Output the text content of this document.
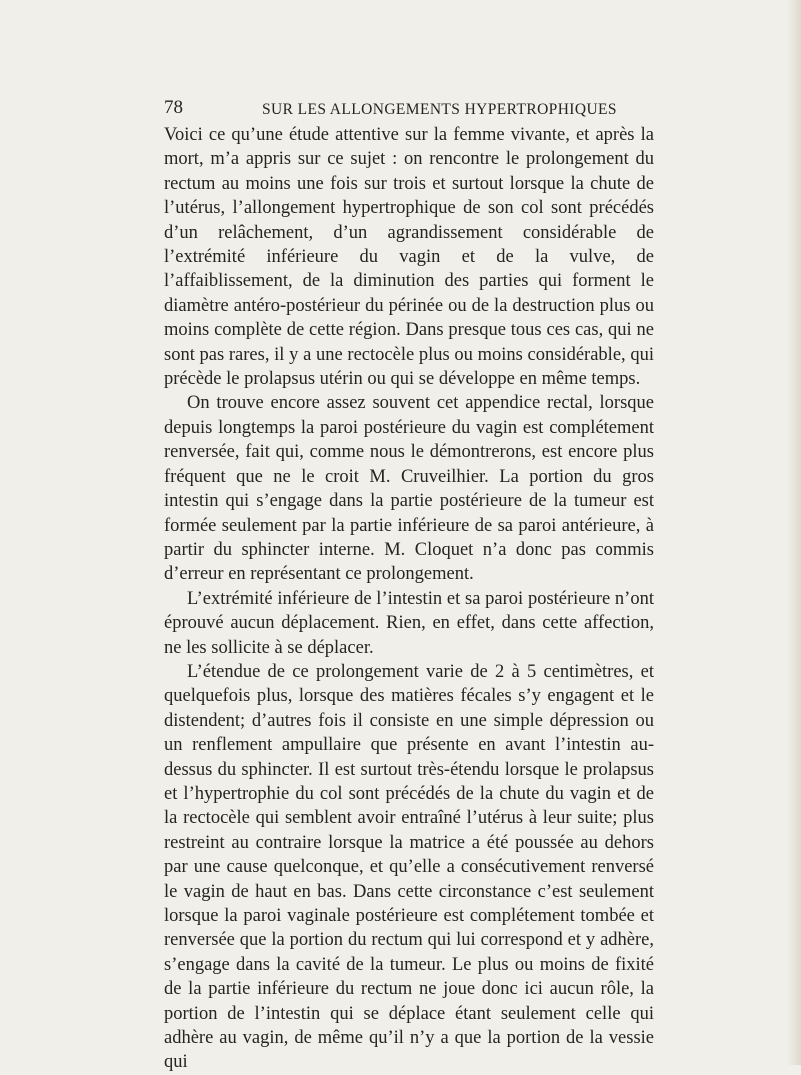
78	SUR LES ALLONGEMENTS HYPERTROPHIQUES

Voici ce qu’une étude attentive sur la femme vivante, et après la mort, m’a appris sur ce sujet : on rencontre le prolongement du rectum au moins une fois sur trois et surtout lorsque la chute de l’utérus, l’allongement hypertrophique de son col sont précédés d’un relâchement, d’un agrandissement considérable de l’extrémité inférieure du vagin et de la vulve, de l’affaiblissement, de la diminution des parties qui forment le diamètre antéro-postérieur du périnée ou de la destruction plus ou moins complète de cette région. Dans presque tous ces cas, qui ne sont pas rares, il y a une rectocèle plus ou moins considérable, qui précède le prolapsus utérin ou qui se développe en même temps.

On trouve encore assez souvent cet appendice rectal, lorsque depuis longtemps la paroi postérieure du vagin est complétement renversée, fait qui, comme nous le démontrerons, est encore plus fréquent que ne le croit M. Cruveilhier. La portion du gros intestin qui s’engage dans la partie postérieure de la tumeur est formée seulement par la partie inférieure de sa paroi antérieure, à partir du sphincter interne. M. Cloquet n’a donc pas commis d’erreur en représentant ce prolongement.

L’extrémité inférieure de l’intestin et sa paroi postérieure n’ont éprouvé aucun déplacement. Rien, en effet, dans cette affection, ne les sollicite à se déplacer.

L’étendue de ce prolongement varie de 2 à 5 centimètres, et quelquefois plus, lorsque des matières fécales s’y engagent et le distendent; d’autres fois il consiste en une simple dépression ou un renflement ampullaire que présente en avant l’intestin au-dessus du sphincter. Il est surtout très-étendu lorsque le prolapsus et l’hypertrophie du col sont précédés de la chute du vagin et de la rectocèle qui semblent avoir entraîné l’utérus à leur suite; plus restreint au contraire lorsque la matrice a été poussée au dehors par une cause quelconque, et qu’elle a consécutivement renversé le vagin de haut en bas. Dans cette circonstance c’est seulement lorsque la paroi vaginale postérieure est complétement tombée et renversée que la portion du rectum qui lui correspond et y adhère, s’engage dans la cavité de la tumeur. Le plus ou moins de fixité de la partie inférieure du rectum ne joue donc ici aucun rôle, la portion de l’intestin qui se déplace étant seulement celle qui adhère au vagin, de même qu’il n’y a que la portion de la vessie qui
